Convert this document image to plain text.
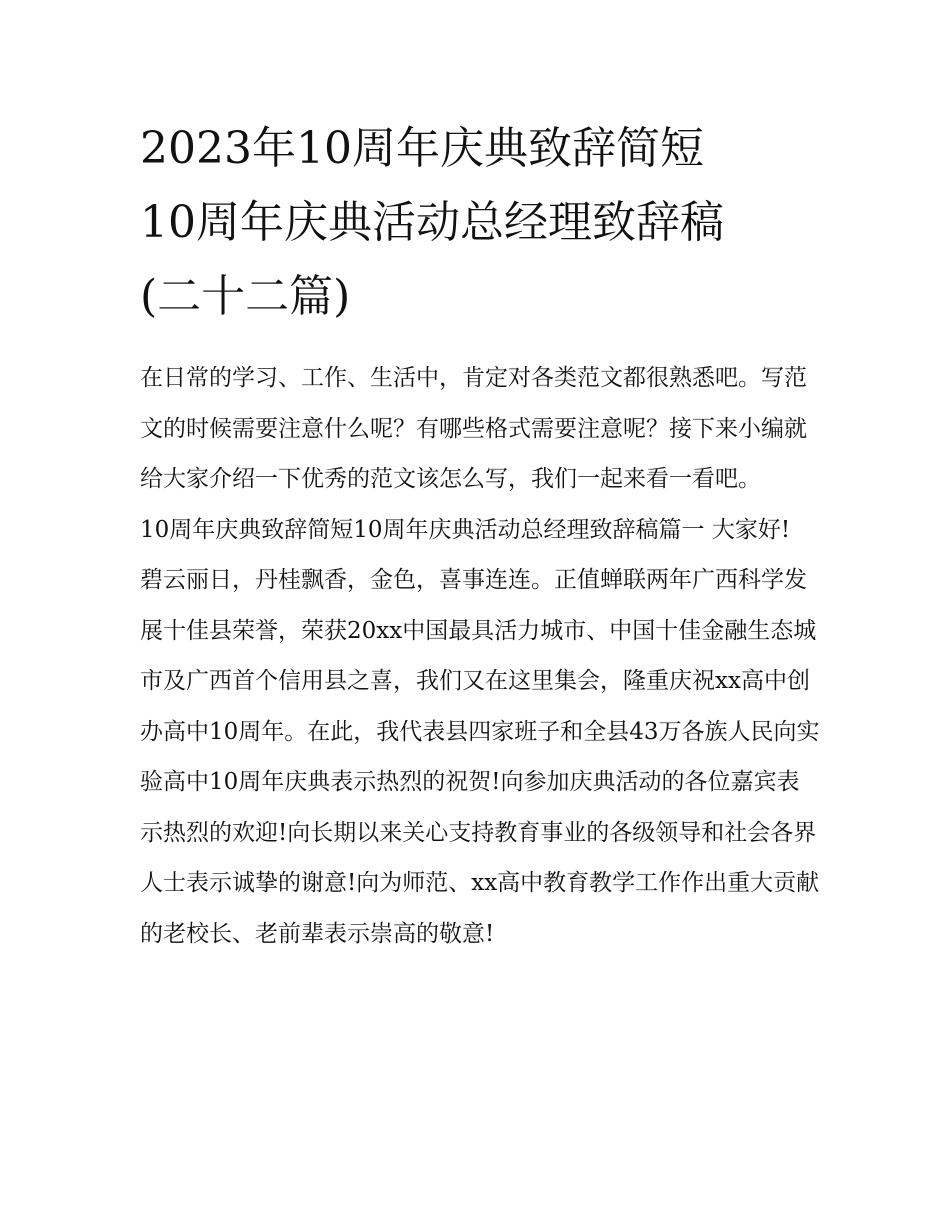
2023年10周年庆典致辞简短
10周年庆典活动总经理致辞稿
(二十二篇)

在日常的学习、工作、生活中，肯定对各类范文都很熟悉吧。写范文的时候需要注意什么呢？有哪些格式需要注意呢？接下来小编就给大家介绍一下优秀的范文该怎么写，我们一起来看一看吧。

10周年庆典致辞简短10周年庆典活动总经理致辞稿篇一 大家好!

碧云丽日，丹桂飘香，金色，喜事连连。正值蝉联两年广西科学发展十佳县荣誉，荣获20xx中国最具活力城市、中国十佳金融生态城市及广西首个信用县之喜，我们又在这里集会，隆重庆祝xx高中创办高中10周年。在此，我代表县四家班子和全县43万各族人民向实验高中10周年庆典表示热烈的祝贺!向参加庆典活动的各位嘉宾表示热烈的欢迎!向长期以来关心支持教育事业的各级领导和社会各界人士表示诚挚的谢意!向为师范、xx高中教育教学工作作出重大贡献的老校长、老前辈表示崇高的敬意!
